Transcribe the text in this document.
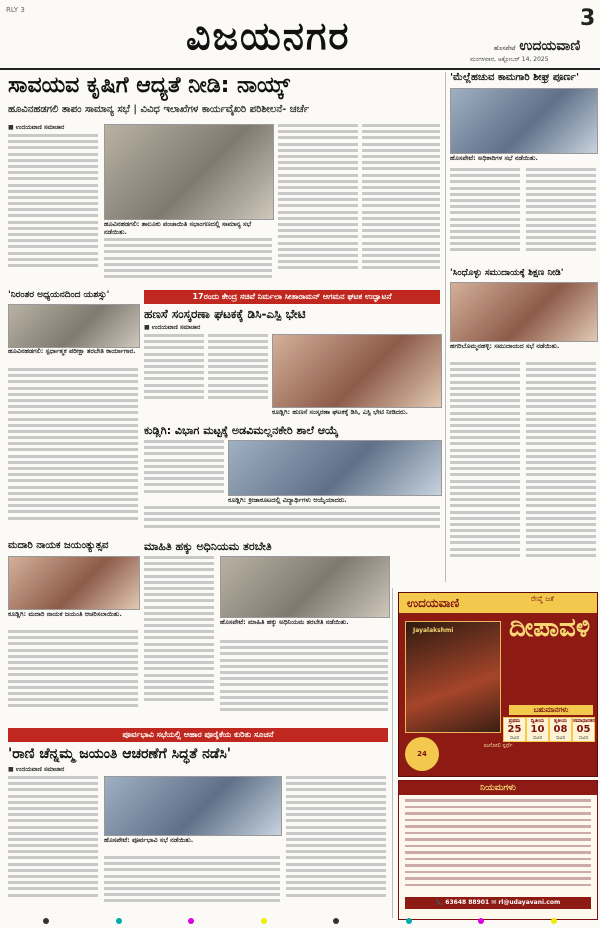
RLY 3
ವಿಜಯನಗರ	3
ಹೊಸಪೇಟೆ ಉದಯವಾಣಿ
ಮಂಗಳವಾರ, ಅಕ್ಟೋಬರ್ 14, 2025
ಸಾವಯವ ಕೃಷಿಗೆ ಆದ್ಯತೆ ನೀಡಿ: ನಾಯ್ಕ್
ಹೂವಿನಹಡಗಲಿ ತಾಪಂ ಸಾಮಾನ್ಯ ಸಭೆ | ವಿವಿಧ ಇಲಾಖೆಗಳ ಕಾರ್ಯವೈಖರಿ ಪರಿಶೀಲನೆ- ಚರ್ಚೆ
■ ಉದಯವಾಣಿ ಸಮಾಚಾರ
ಹೂವಿನಹಡಗಲಿ: ತಾಲೂಕು ಪಂಚಾಯಿತಿ ಸಭಾಂಗಣದಲ್ಲಿ ಸಾಮಾನ್ಯ ಸಭೆ ನಡೆಯಿತು.
'ಮೆಲ್ಲೆಹಚುವ ಕಾಮಗಾರಿ ಶೀಘ್ರ ಪೂರ್ಣ'
ಹೊಸಪೇಟೆ: ಅಧಿಕಾರಿಗಳ ಸಭೆ ನಡೆಯಿತು.
'ಸಿಂಧೊಳ್ಳು ಸಮುದಾಯಕ್ಕೆ ಶಿಕ್ಷಣ ನೀಡಿ'
ಹಗರಿಬೊಮ್ಮನಹಳ್ಳಿ: ಸಮುದಾಯದ ಸಭೆ ನಡೆಯಿತು.
'ನಿರಂತರ ಅಧ್ಯಯನದಿಂದ ಯಶಸ್ಸು'
ಹೂವಿನಹಡಗಲಿ: ಸ್ಪರ್ಧಾತ್ಮಕ ಪರೀಕ್ಷಾ ತರಬೇತಿ ಕಾರ್ಯಾಗಾರ.
17ರಂದು ಕೇಂದ್ರ ಸಚಿವೆ ನಿರ್ಮಲಾ ಸೀತಾರಾಮನ್ ಆಗಮನ ಘಟಕ ಉದ್ಘಾಟನೆ
ಹಣಸೆ ಸಂಸ್ಕರಣಾ ಘಟಕಕ್ಕೆ ಡಿಸಿ-ಎಸ್ಪಿ ಭೇಟಿ
■ ಉದಯವಾಣಿ ಸಮಾಚಾರ
ಕೂಡ್ಲಿಗಿ: ಹುಣಸೆ ಸಂಸ್ಕರಣಾ ಘಟಕಕ್ಕೆ ಡಿಸಿ, ಎಸ್ಪಿ ಭೇಟಿ ನೀಡಿದರು.
ಕುಡ್ಲಿಗಿ: ವಿಭಾಗ ಮಟ್ಟಕ್ಕೆ ಅಡವಿಮಲ್ಲನಕೇರಿ ಶಾಲೆ ಆಯ್ಕೆ
ಕೂಡ್ಲಿಗಿ: ಕ್ರೀಡಾಕೂಟದಲ್ಲಿ ವಿದ್ಯಾರ್ಥಿಗಳು ಆಯ್ಕೆಯಾದರು.
ಮದಾರಿ ನಾಯಕ ಜಯಂತ್ಯುತ್ಸವ
ಕೂಡ್ಲಿಗಿ: ಮದಾರಿ ನಾಯಕ ಜಯಂತಿ ಆಚರಿಸಲಾಯಿತು.
ಮಾಹಿತಿ ಹಕ್ಕು ಅಧಿನಿಯಮ ತರಬೇತಿ
ಹೊಸಪೇಟೆ: ಮಾಹಿತಿ ಹಕ್ಕು ಅಧಿನಿಯಮ ತರಬೇತಿ ನಡೆಯಿತು.
ಪೂರ್ವಭಾವಿ ಸಭೆಯಲ್ಲಿ ಆಹಾರ ಪೂರೈಕೆಯ ಕುರಿತು ಸೂಚನೆ
'ರಾಣಿ ಚೆನ್ನಮ್ಮ ಜಯಂತಿ ಆಚರಣೆಗೆ ಸಿದ್ಧತೆ ನಡೆಸಿ'
■ ಉದಯವಾಣಿ ಸಮಾಚಾರ
ಹೊಸಪೇಟೆ: ಪೂರ್ವಭಾವಿ ಸಭೆ ನಡೆಯಿತು.
ಉದಯವಾಣಿ	ರೇಷ್ಮೆ ಜತೆ
ದೀಪಾವಳಿ
Jayalakshmi
ಬಹುಮಾನಗಳು
ಪ್ರಥಮ
25
ಸಾವಿರ
ದ್ವಿತೀಯ
10
ಸಾವಿರ
ತೃತೀಯ
08
ಸಾವಿರ
ಸಮಾಧಾನಕರ
05
ಸಾವಿರ
24
ರಂಗೋಲಿ ಸ್ಪರ್ಧೆ
ನಿಯಮಗಳು
📞 63648 88901 ✉ rl@udayavani.com
